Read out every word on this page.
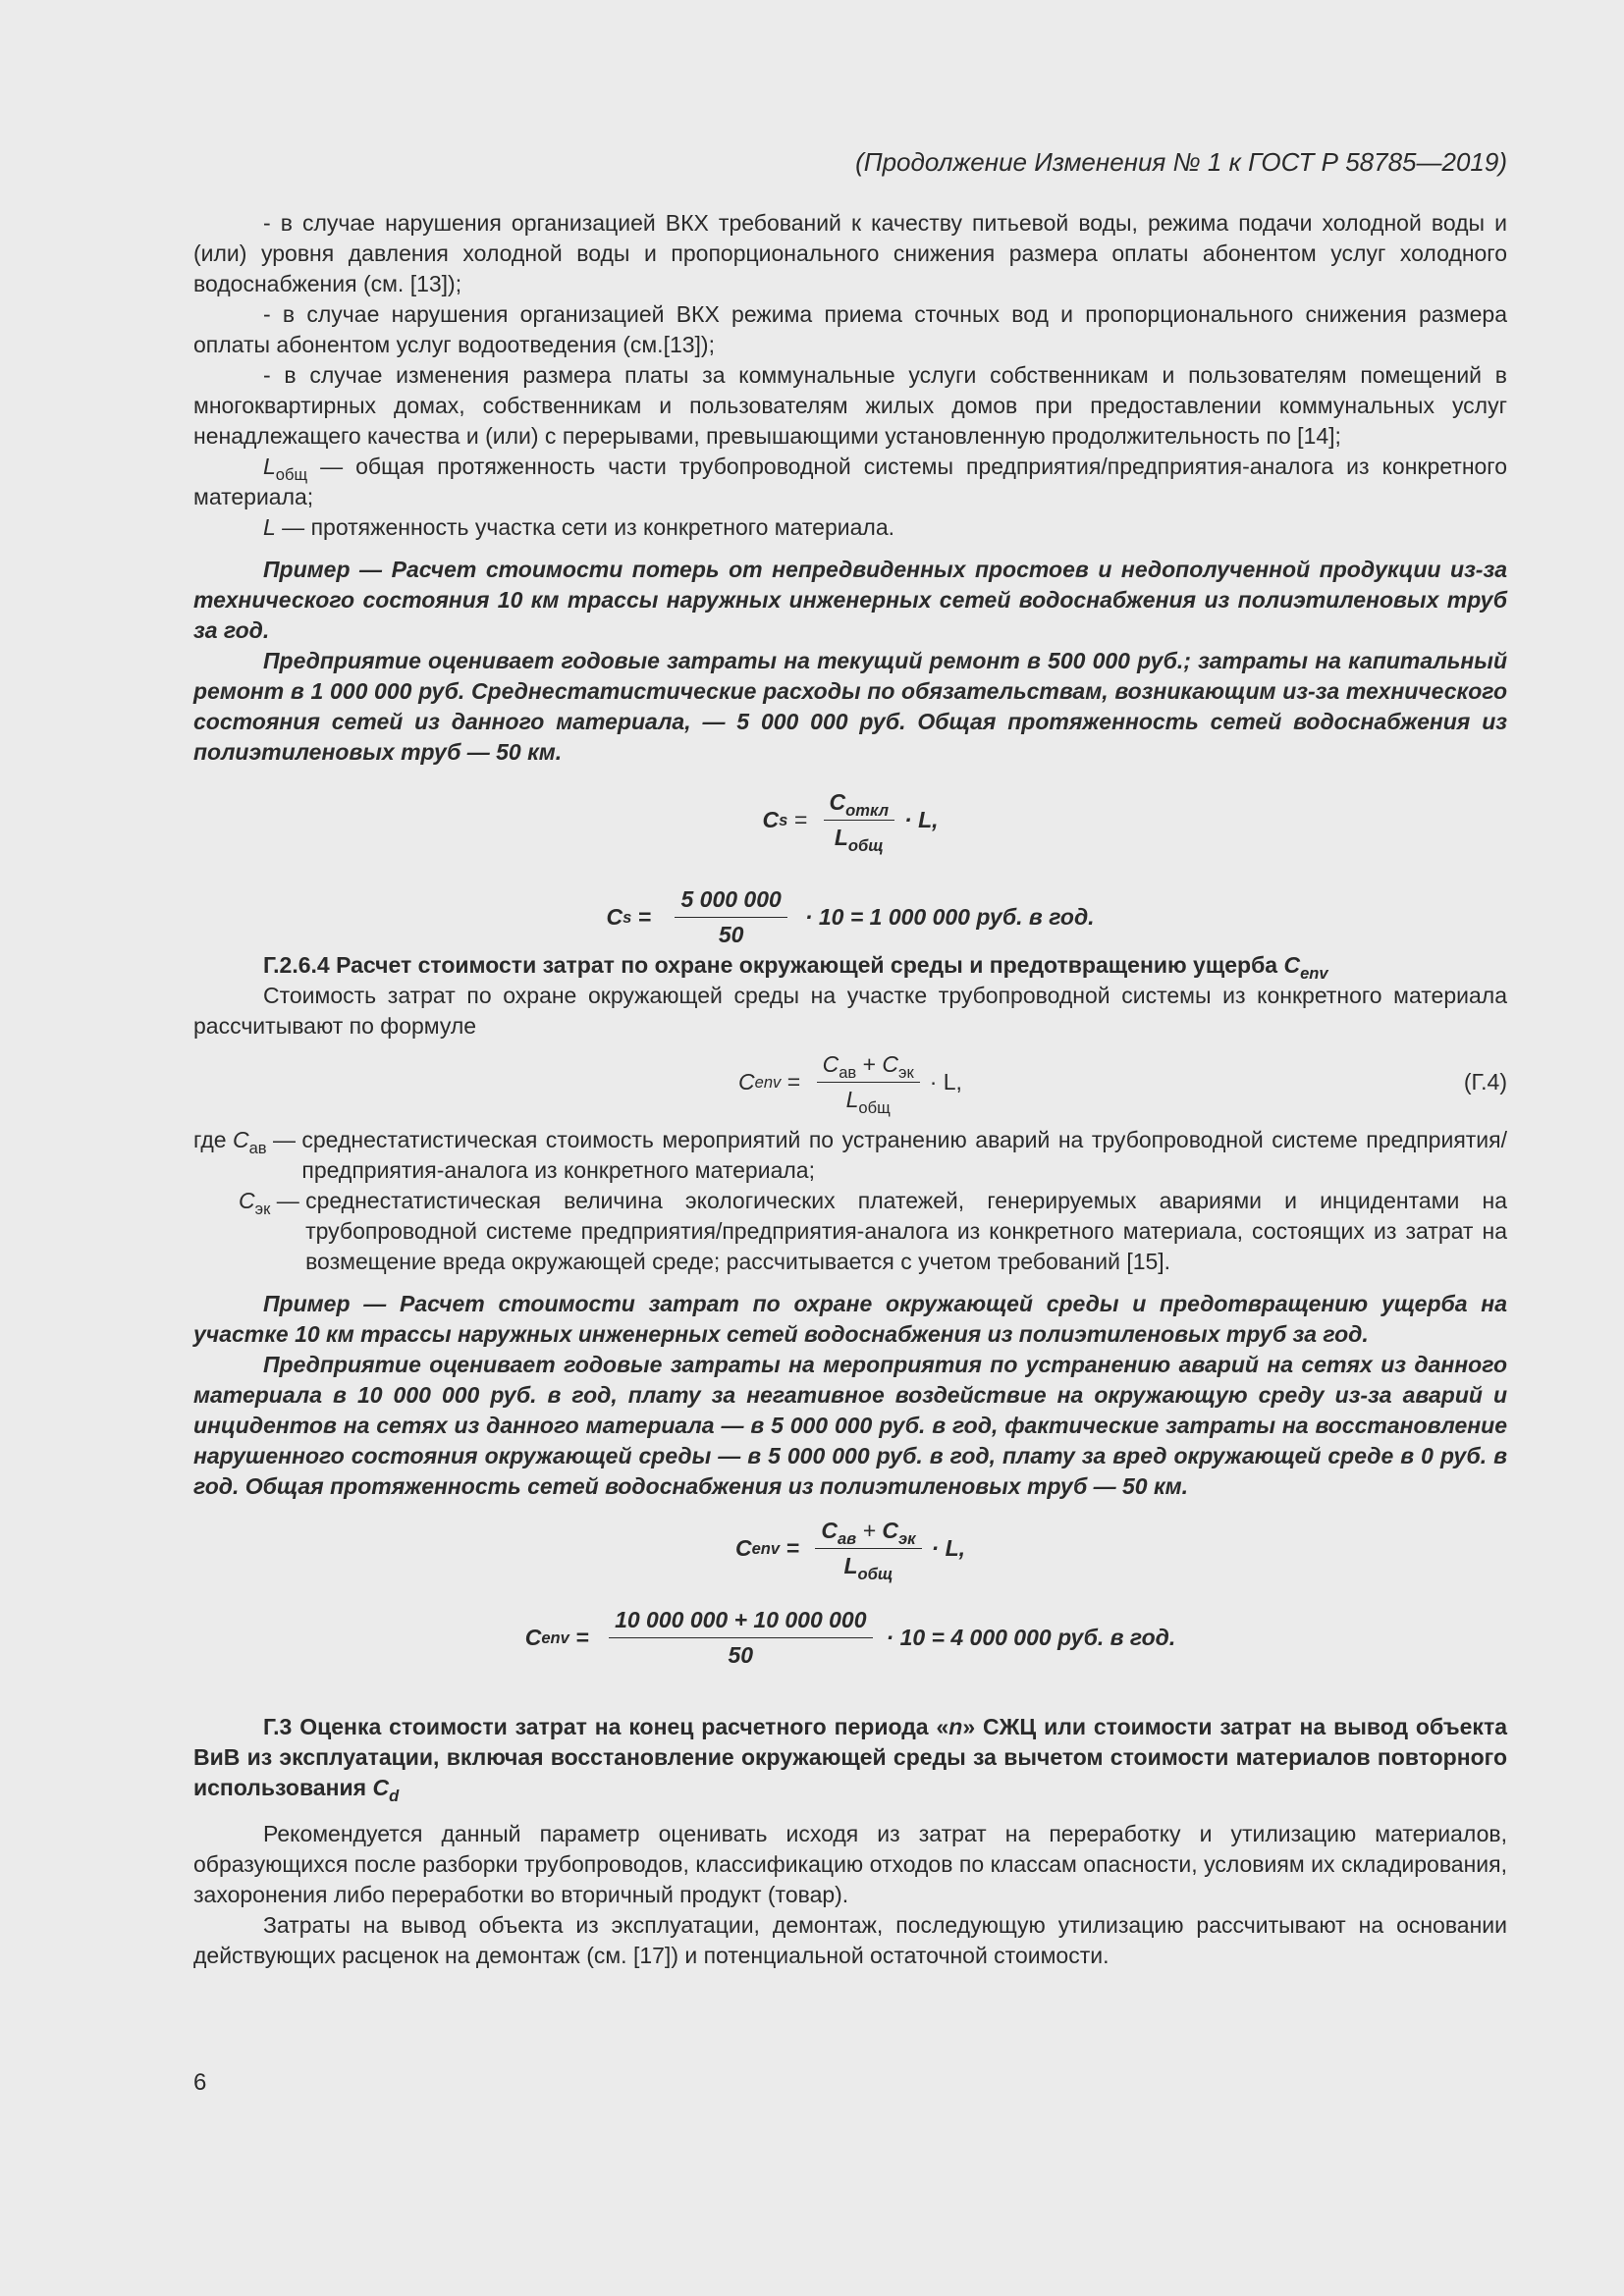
(Продолжение Изменения № 1 к ГОСТ Р 58785—2019)

- в случае нарушения организацией ВКХ требований к качеству питьевой воды, режима подачи холодной воды и (или) уровня давления холодной воды и пропорционального снижения размера оплаты абонентом услуг холодного водоснабжения (см. [13]);

- в случае нарушения организацией ВКХ режима приема сточных вод и пропорционального снижения размера оплаты абонентом услуг водоотведения (см.[13]);

- в случае изменения размера платы за коммунальные услуги собственникам и пользователям помещений в многоквартирных домах, собственникам и пользователям жилых домов при предоставлении коммунальных услуг ненадлежащего качества и (или) с перерывами, превышающими установленную продолжительность по [14];

$L_{общ}$ — общая протяженность части трубопроводной системы предприятия/предприятия-аналога из конкретного материала;

L — протяженность участка сети из конкретного материала.

Пример — Расчет стоимости потерь от непредвиденных простоев и недополученной продукции из-за технического состояния 10 км трассы наружных инженерных сетей водоснабжения из полиэтиленовых труб за год.

Предприятие оценивает годовые затраты на текущий ремонт в 500 000 руб.; затраты на капитальный ремонт в 1 000 000 руб. Среднестатистические расходы по обязательствам, возникающим из-за технического состояния сетей из данного материала, — 5 000 000 руб. Общая протяженность сетей водоснабжения из полиэтиленовых труб — 50 км.

C $s = \frac{C_{откл}}{L_{общ}} \cdot L$,
C $s = \frac{5 000 000}{50} \cdot 10 = 1$ 000 000 руб. в год.

Г.2.6.4 Расчет стоимости затрат по охране окружающей среды и предотвращению ущерба $C_{env}$

Стоимость затрат по охране окружающей среды на участке трубопроводной системы из конкретного материала рассчитывают по формуле

C env = $\frac{C_{ав} + C_{эк}}{L_{общ}} \cdot L$,	(Г.4)
где $C_{ав}$ — среднестатистическая стоимость мероприятий по устранению аварий на трубопроводной системе предприятия/предприятия-аналога из конкретного материала;
$C_{эк}$ — среднестатистическая величина экологических платежей, генерируемых авариями и инцидентами на трубопроводной системе предприятия/предприятия-аналога из конкретного материала, состоящих из затрат на возмещение вреда окружающей среде; рассчитывается с учетом требований [15].

Пример — Расчет стоимости затрат по охране окружающей среды и предотвращению ущерба на участке 10 км трассы наружных инженерных сетей водоснабжения из полиэтиленовых труб за год.

Предприятие оценивает годовые затраты на мероприятия по устранению аварий на сетях из данного материала в 10 000 000 руб. в год, плату за негативное воздействие на окружающую среду из-за аварий и инцидентов на сетях из данного материала — в 5 000 000 руб. в год, фактические затраты на восстановление нарушенного состояния окружающей среды — в 5 000 000 руб. в год, плату за вред окружающей среде в 0 руб. в год. Общая протяженность сетей водоснабжения из полиэтиленовых труб — 50 км.

C env = $\frac{C_{ав} + C_{эк}}{L_{общ}} \cdot L$,
C env = $\frac{10 000 000 + 10 000 000}{50} \cdot 10 = 4$ 000 000 руб. в год.

Г.3 Оценка стоимости затрат на конец расчетного периода «n» СЖЦ или стоимости затрат на вывод объекта ВиВ из эксплуатации, включая восстановление окружающей среды за вычетом стоимости материалов повторного использования $C_d$

Рекомендуется данный параметр оценивать исходя из затрат на переработку и утилизацию материалов, образующихся после разборки трубопроводов, классификацию отходов по классам опасности, условиям их складирования, захоронения либо переработки во вторичный продукт (товар).

Затраты на вывод объекта из эксплуатации, демонтаж, последующую утилизацию рассчитывают на основании действующих расценок на демонтаж (см. [17]) и потенциальной остаточной стоимости.

6
